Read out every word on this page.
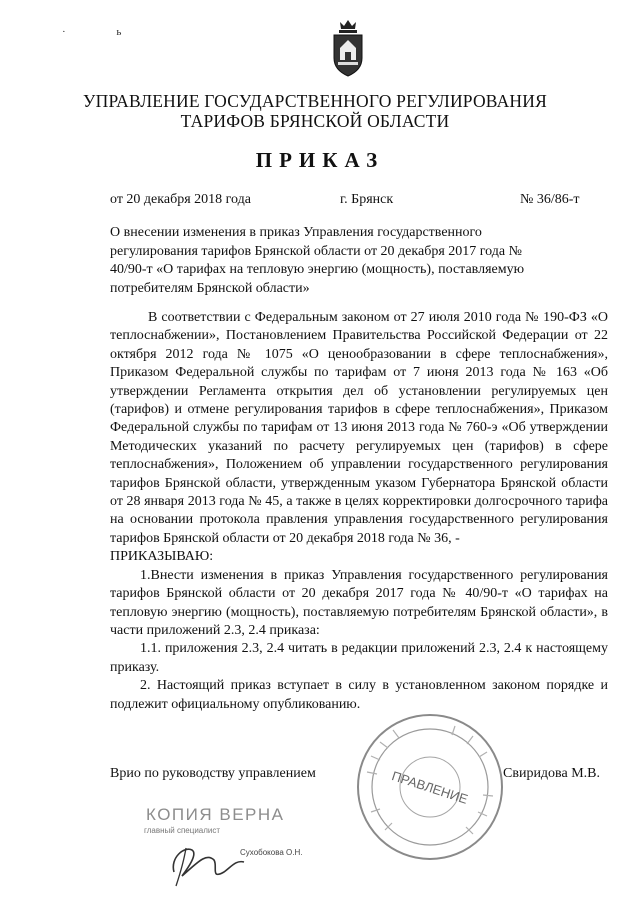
· ь
УПРАВЛЕНИЕ ГОСУДАРСТВЕННОГО РЕГУЛИРОВАНИЯ
ТАРИФОВ БРЯНСКОЙ ОБЛАСТИ
ПРИКАЗ
от 20 декабря 2018 года	г. Брянск	№ 36/86-т
О внесении изменения в приказ Управления государственного регулирования тарифов Брянской области от 20 декабря 2017 года № 40/90-т «О тарифах на тепловую энергию (мощность), поставляемую потребителям Брянской области»

В соответствии с Федеральным законом от 27 июля 2010 года № 190-ФЗ «О теплоснабжении», Постановлением Правительства Российской Федерации от 22 октября 2012 года № 1075 «О ценообразовании в сфере теплоснабжения», Приказом Федеральной службы по тарифам от 7 июня 2013 года № 163 «Об утверждении Регламента открытия дел об установлении регулируемых цен (тарифов) и отмене регулирования тарифов в сфере теплоснабжения», Приказом Федеральной службы по тарифам от 13 июня 2013 года № 760-э «Об утверждении Методических указаний по расчету регулируемых цен (тарифов) в сфере теплоснабжения», Положением об управлении государственного регулирования тарифов Брянской области, утвержденным указом Губернатора Брянской области от 28 января 2013 года № 45, а также в целях корректировки долгосрочного тарифа на основании протокола правления управления государственного регулирования тарифов Брянской области от 20 декабря 2018 года № 36, -

ПРИКАЗЫВАЮ:

1.Внести изменения в приказ Управления государственного регулирования тарифов Брянской области от 20 декабря 2017 года № 40/90-т «О тарифах на тепловую энергию (мощность), поставляемую потребителям Брянской области», в части приложений 2.3, 2.4 приказа:

1.1. приложения 2.3, 2.4 читать в редакции приложений 2.3, 2.4 к настоящему приказу.

2. Настоящий приказ вступает в силу в установленном законом порядке и подлежит официальному опубликованию.

Врио по руководству управлением	ПРАВЛЕНИЕ Свиридова М.В.
КОПИЯ ВЕРНА
главный специалист
Сухобокова О.Н.
